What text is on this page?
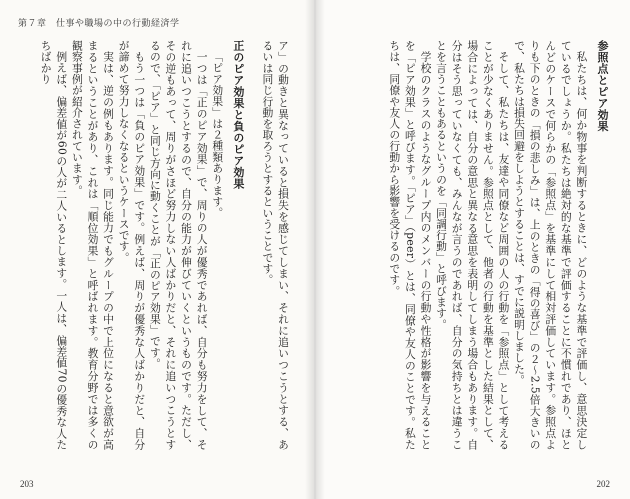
第７章　仕事や職場の中の行動経済学

ア」の動きと異なっていると損失を感じてしまい、それに追いつこうとする、あるいは同じ行動を取ろうとするということです。

正のピア効果と負のピア効果

「ピア効果」は２種類あります。

一つは「正のピア効果」で、周りの人が優秀であれば、自分も努力をして、それに追いつこうとするので、自分の能力が伸びていくというものです。ただし、その逆もあって、周りがさほど努力しない人ばかりだと、それに追いつこうとするので、「ピア」と同じ方向に動くことが「正のピア効果」です。

もう一つは「負のピア効果」です。例えば、周りが優秀な人ばかりだと、自分が諦めて努力しなくなるというケースです。

実は、逆の例もあります。同じ能力でもグループの中で上位になると意欲が高まるということがあり、これは「順位効果」と呼ばれます。教育分野では多くの観察事例が紹介されています。

例えば、偏差値が60の人が二人いるとします。一人は、偏差値70の優秀な人たちばかり

203
参照点とピア効果

私たちは、何か物事を判断するときに、どのような基準で評価し、意思決定しているでしょうか。私たちは絶対的な基準で評価することに不慣れであり、ほとんどのケースで何らかの「参照点」を基準にして相対評価しています。参照点よりも下のときの「損の悲しみ」は、上のときの「得の喜び」の２～2.5倍大きいので、私たちは損失回避をしようとすることは、すでに説明しました。

そして、私たちは、友達や同僚など周囲の人の行動を「参照点」として考えることが少なくありません。参照点として、他者の行動を基準とした結果として、場合によっては、自分の意思と異なる意思を表明してしまう場合もあります。自分はそう思っていなくても、みんなが言うのであれば、自分の気持ちとは違うことを言うこともあるというのを「同調行動」と呼びます。

学校のクラスのようなグループ内のメンバーの行動や性格が影響を与えることを「ピア効果」と呼びます。「ピア」（peer）とは、同僚や友人のことです。私たちは、同僚や友人の行動から影響を受けるのです。

202
